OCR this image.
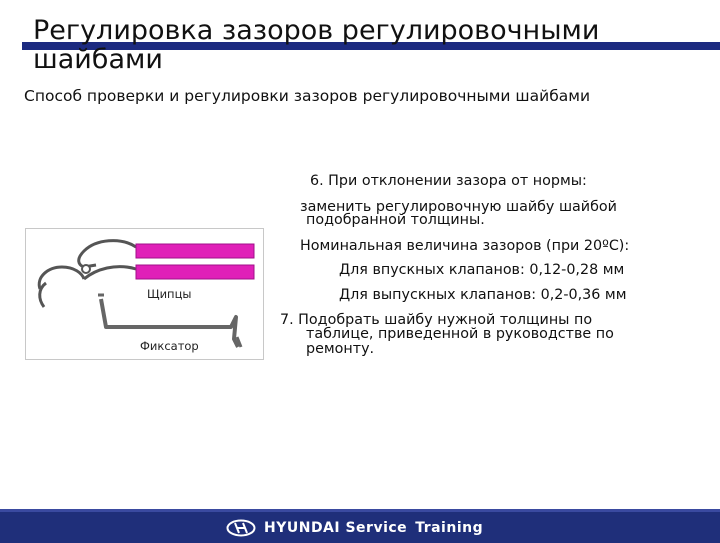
Регулировка зазоров регулировочными шайбами
Способ проверки и регулировки зазоров регулировочными шайбами
Щипцы
Фиксатор
6. При отклонении зазора от нормы:
заменить регулировочную шайбу шайбой
подобранной толщины.
Номинальная величина зазоров (при 20ºC):
Для впускных клапанов: 0,12-0,28 мм
Для выпускных клапанов: 0,2-0,36 мм
7. Подобрать шайбу нужной толщины по
таблице, приведенной в руководстве по
ремонту.
HYUNDAI Service Training
